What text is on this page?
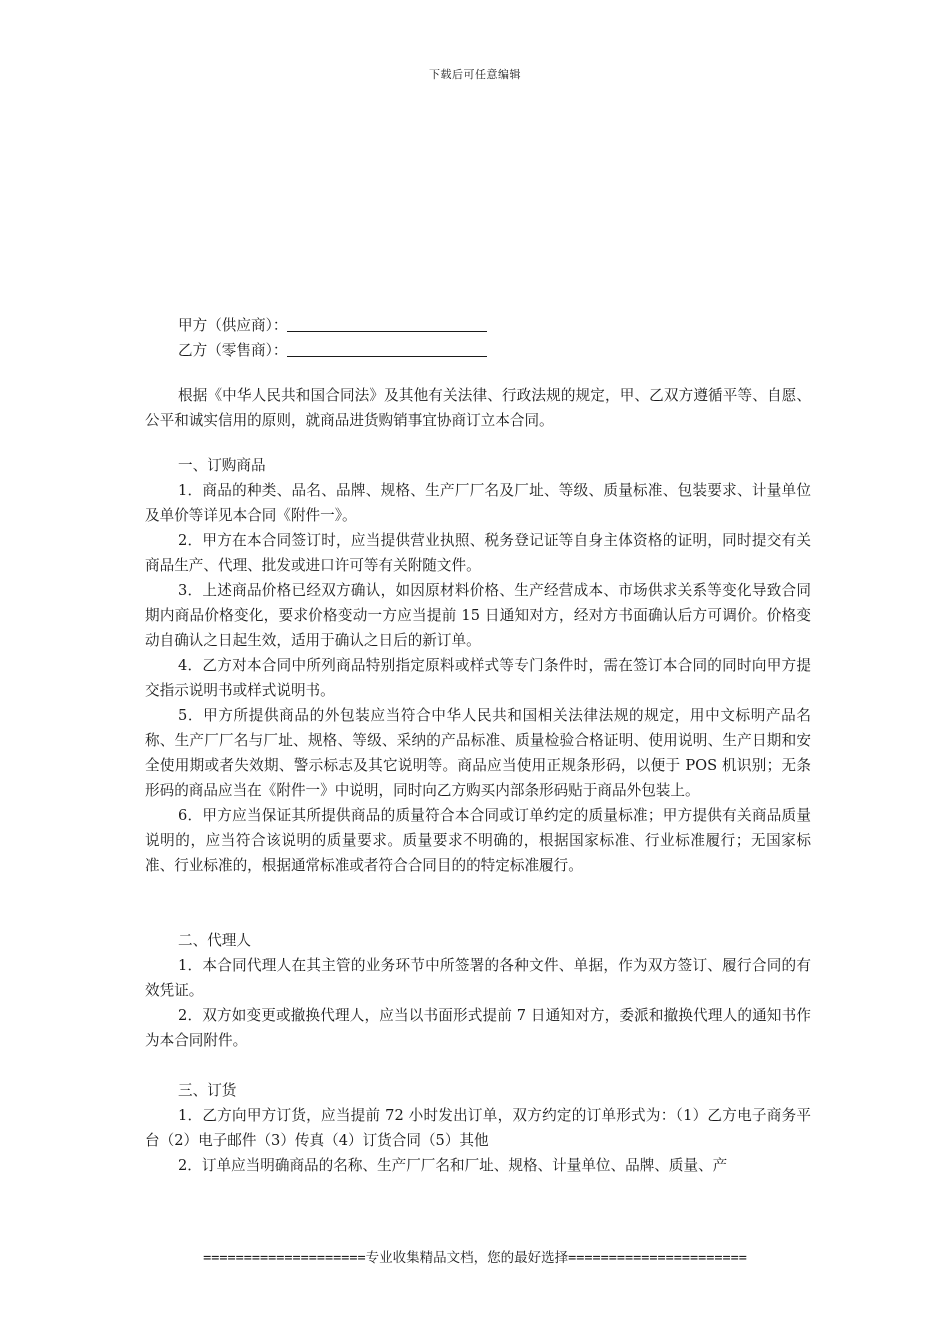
下载后可任意编辑
甲方（供应商）：
乙方（零售商）：

根据《中华人民共和国合同法》及其他有关法律、行政法规的规定，甲、乙双方遵循平等、自愿、公平和诚实信用的原则，就商品进货购销事宜协商订立本合同。

一、订购商品

1．商品的种类、品名、品牌、规格、生产厂厂名及厂址、等级、质量标准、包装要求、计量单位及单价等详见本合同《附件一》。

2．甲方在本合同签订时，应当提供营业执照、税务登记证等自身主体资格的证明，同时提交有关商品生产、代理、批发或进口许可等有关附随文件。

3．上述商品价格已经双方确认，如因原材料价格、生产经营成本、市场供求关系等变化导致合同期内商品价格变化，要求价格变动一方应当提前 15 日通知对方，经对方书面确认后方可调价。价格变动自确认之日起生效，适用于确认之日后的新订单。

4．乙方对本合同中所列商品特别指定原料或样式等专门条件时，需在签订本合同的同时向甲方提交指示说明书或样式说明书。

5．甲方所提供商品的外包装应当符合中华人民共和国相关法律法规的规定，用中文标明产品名称、生产厂厂名与厂址、规格、等级、采纳的产品标准、质量检验合格证明、使用说明、生产日期和安全使用期或者失效期、警示标志及其它说明等。商品应当使用正规条形码，以便于 POS 机识别；无条形码的商品应当在《附件一》中说明，同时向乙方购买内部条形码贴于商品外包装上。

6．甲方应当保证其所提供商品的质量符合本合同或订单约定的质量标准；甲方提供有关商品质量说明的，应当符合该说明的质量要求。质量要求不明确的，根据国家标准、行业标准履行；无国家标准、行业标准的，根据通常标准或者符合合同目的的特定标准履行。

二、代理人

1．本合同代理人在其主管的业务环节中所签署的各种文件、单据，作为双方签订、履行合同的有效凭证。

2．双方如变更或撤换代理人，应当以书面形式提前 7 日通知对方，委派和撤换代理人的通知书作为本合同附件。

三、订货

1．乙方向甲方订货，应当提前 72 小时发出订单，双方约定的订单形式为：（1）乙方电子商务平台（2）电子邮件（3）传真（4）订货合同（5）其他

2．订单应当明确商品的名称、生产厂厂名和厂址、规格、计量单位、品牌、质量、产

====================专业收集精品文档，您的最好选择======================
